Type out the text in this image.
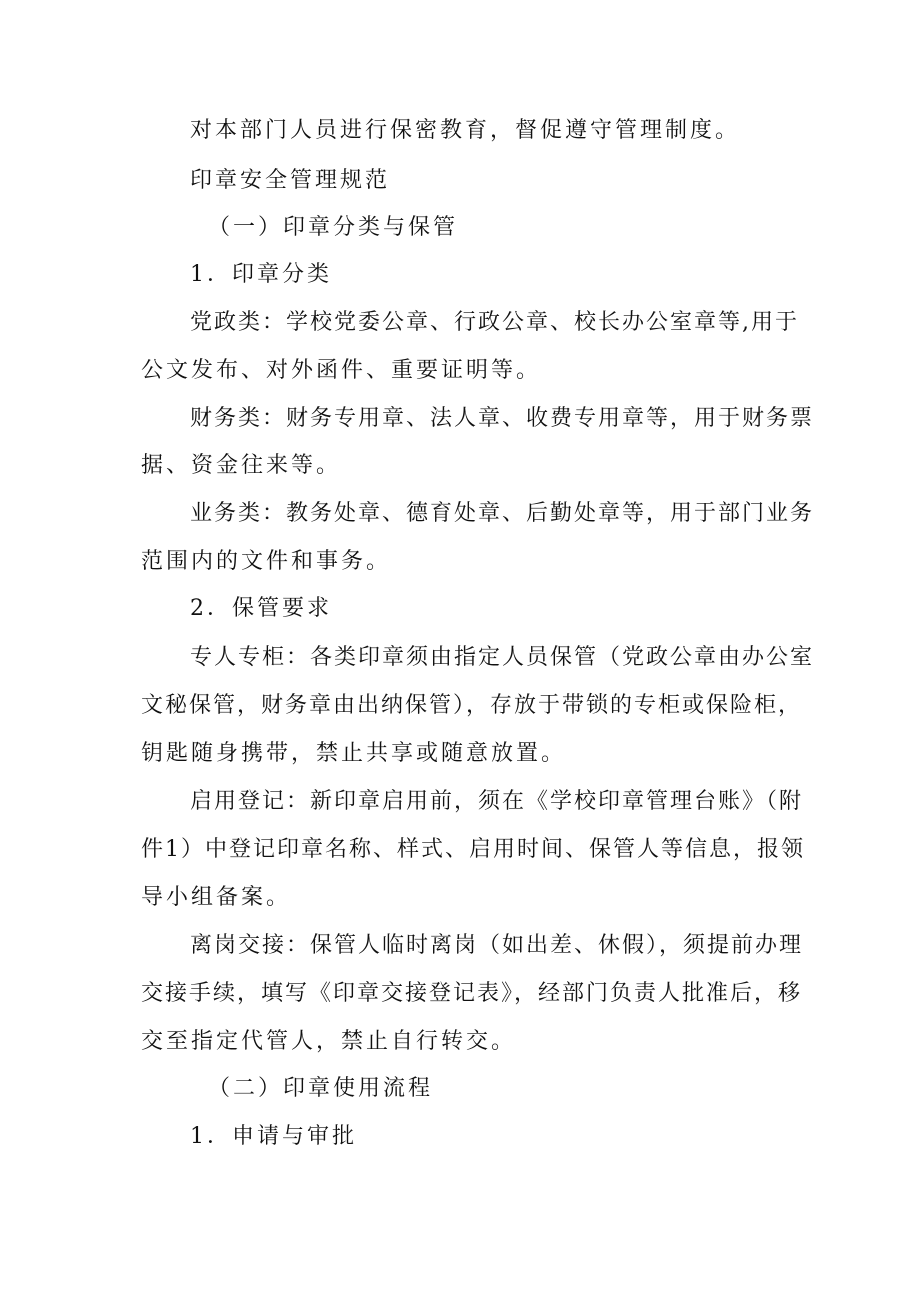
对本部门人员进行保密教育，督促遵守管理制度。

印章安全管理规范

（一）印章分类与保管

1．印章分类

党政类：学校党委公章、行政公章、校长办公室章等,用于

公文发布、对外函件、重要证明等。

财务类：财务专用章、法人章、收费专用章等，用于财务票

据、资金往来等。

业务类：教务处章、德育处章、后勤处章等，用于部门业务

范围内的文件和事务。

2．保管要求

专人专柜：各类印章须由指定人员保管（党政公章由办公室

文秘保管，财务章由出纳保管），存放于带锁的专柜或保险柜，

钥匙随身携带，禁止共享或随意放置。

启用登记：新印章启用前，须在《学校印章管理台账》（附

件1）中登记印章名称、样式、启用时间、保管人等信息，报领

导小组备案。

离岗交接：保管人临时离岗（如出差、休假），须提前办理

交接手续，填写《印章交接登记表》，经部门负责人批准后，移

交至指定代管人，禁止自行转交。

（二）印章使用流程

1．申请与审批
